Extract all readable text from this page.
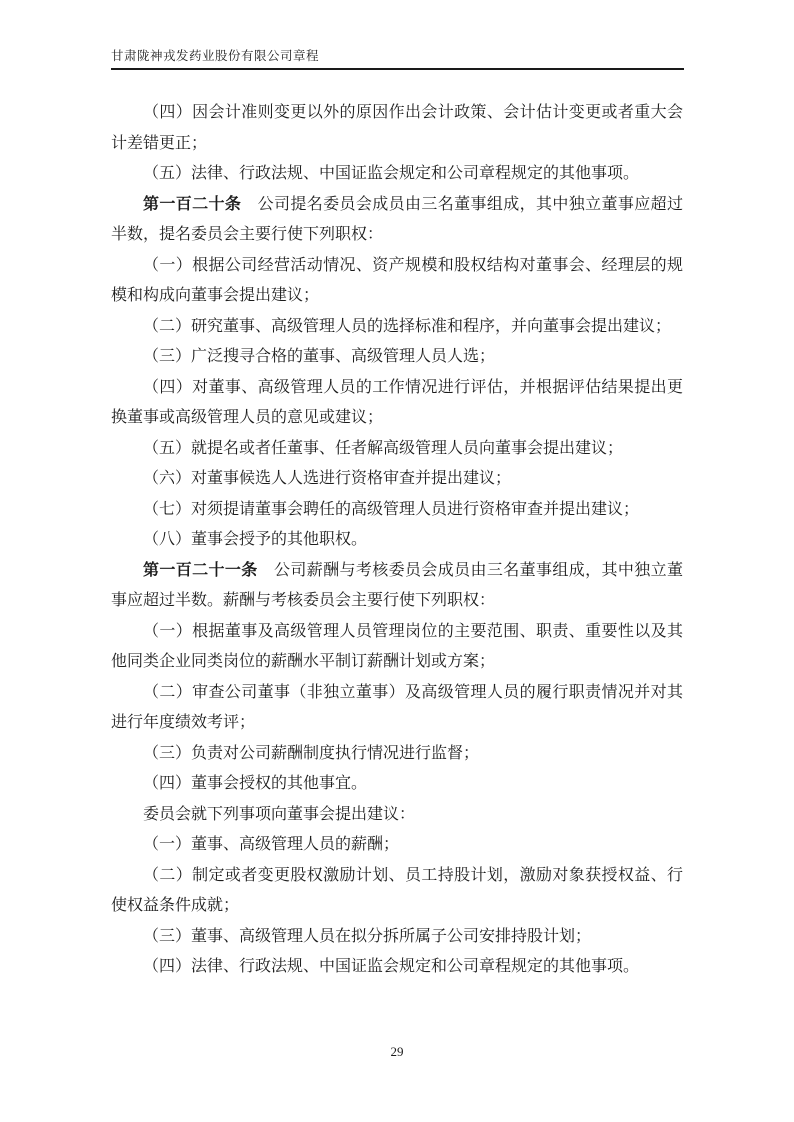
甘肃陇神戎发药业股份有限公司章程

（四）因会计准则变更以外的原因作出会计政策、会计估计变更或者重大会计差错更正；

（五）法律、行政法规、中国证监会规定和公司章程规定的其他事项。

第一百二十条　公司提名委员会成员由三名董事组成，其中独立董事应超过半数，提名委员会主要行使下列职权：

（一）根据公司经营活动情况、资产规模和股权结构对董事会、经理层的规模和构成向董事会提出建议；

（二）研究董事、高级管理人员的选择标准和程序，并向董事会提出建议；

（三）广泛搜寻合格的董事、高级管理人员人选；

（四）对董事、高级管理人员的工作情况进行评估，并根据评估结果提出更换董事或高级管理人员的意见或建议；

（五）就提名或者任董事、任者解高级管理人员向董事会提出建议；

（六）对董事候选人人选进行资格审查并提出建议；

（七）对须提请董事会聘任的高级管理人员进行资格审查并提出建议；

（八）董事会授予的其他职权。

第一百二十一条　公司薪酬与考核委员会成员由三名董事组成，其中独立董事应超过半数。薪酬与考核委员会主要行使下列职权：

（一）根据董事及高级管理人员管理岗位的主要范围、职责、重要性以及其他同类企业同类岗位的薪酬水平制订薪酬计划或方案；

（二）审查公司董事（非独立董事）及高级管理人员的履行职责情况并对其进行年度绩效考评；

（三）负责对公司薪酬制度执行情况进行监督；

（四）董事会授权的其他事宜。

委员会就下列事项向董事会提出建议：

（一）董事、高级管理人员的薪酬；

（二）制定或者变更股权激励计划、员工持股计划，激励对象获授权益、行使权益条件成就；

（三）董事、高级管理人员在拟分拆所属子公司安排持股计划；

（四）法律、行政法规、中国证监会规定和公司章程规定的其他事项。

29
